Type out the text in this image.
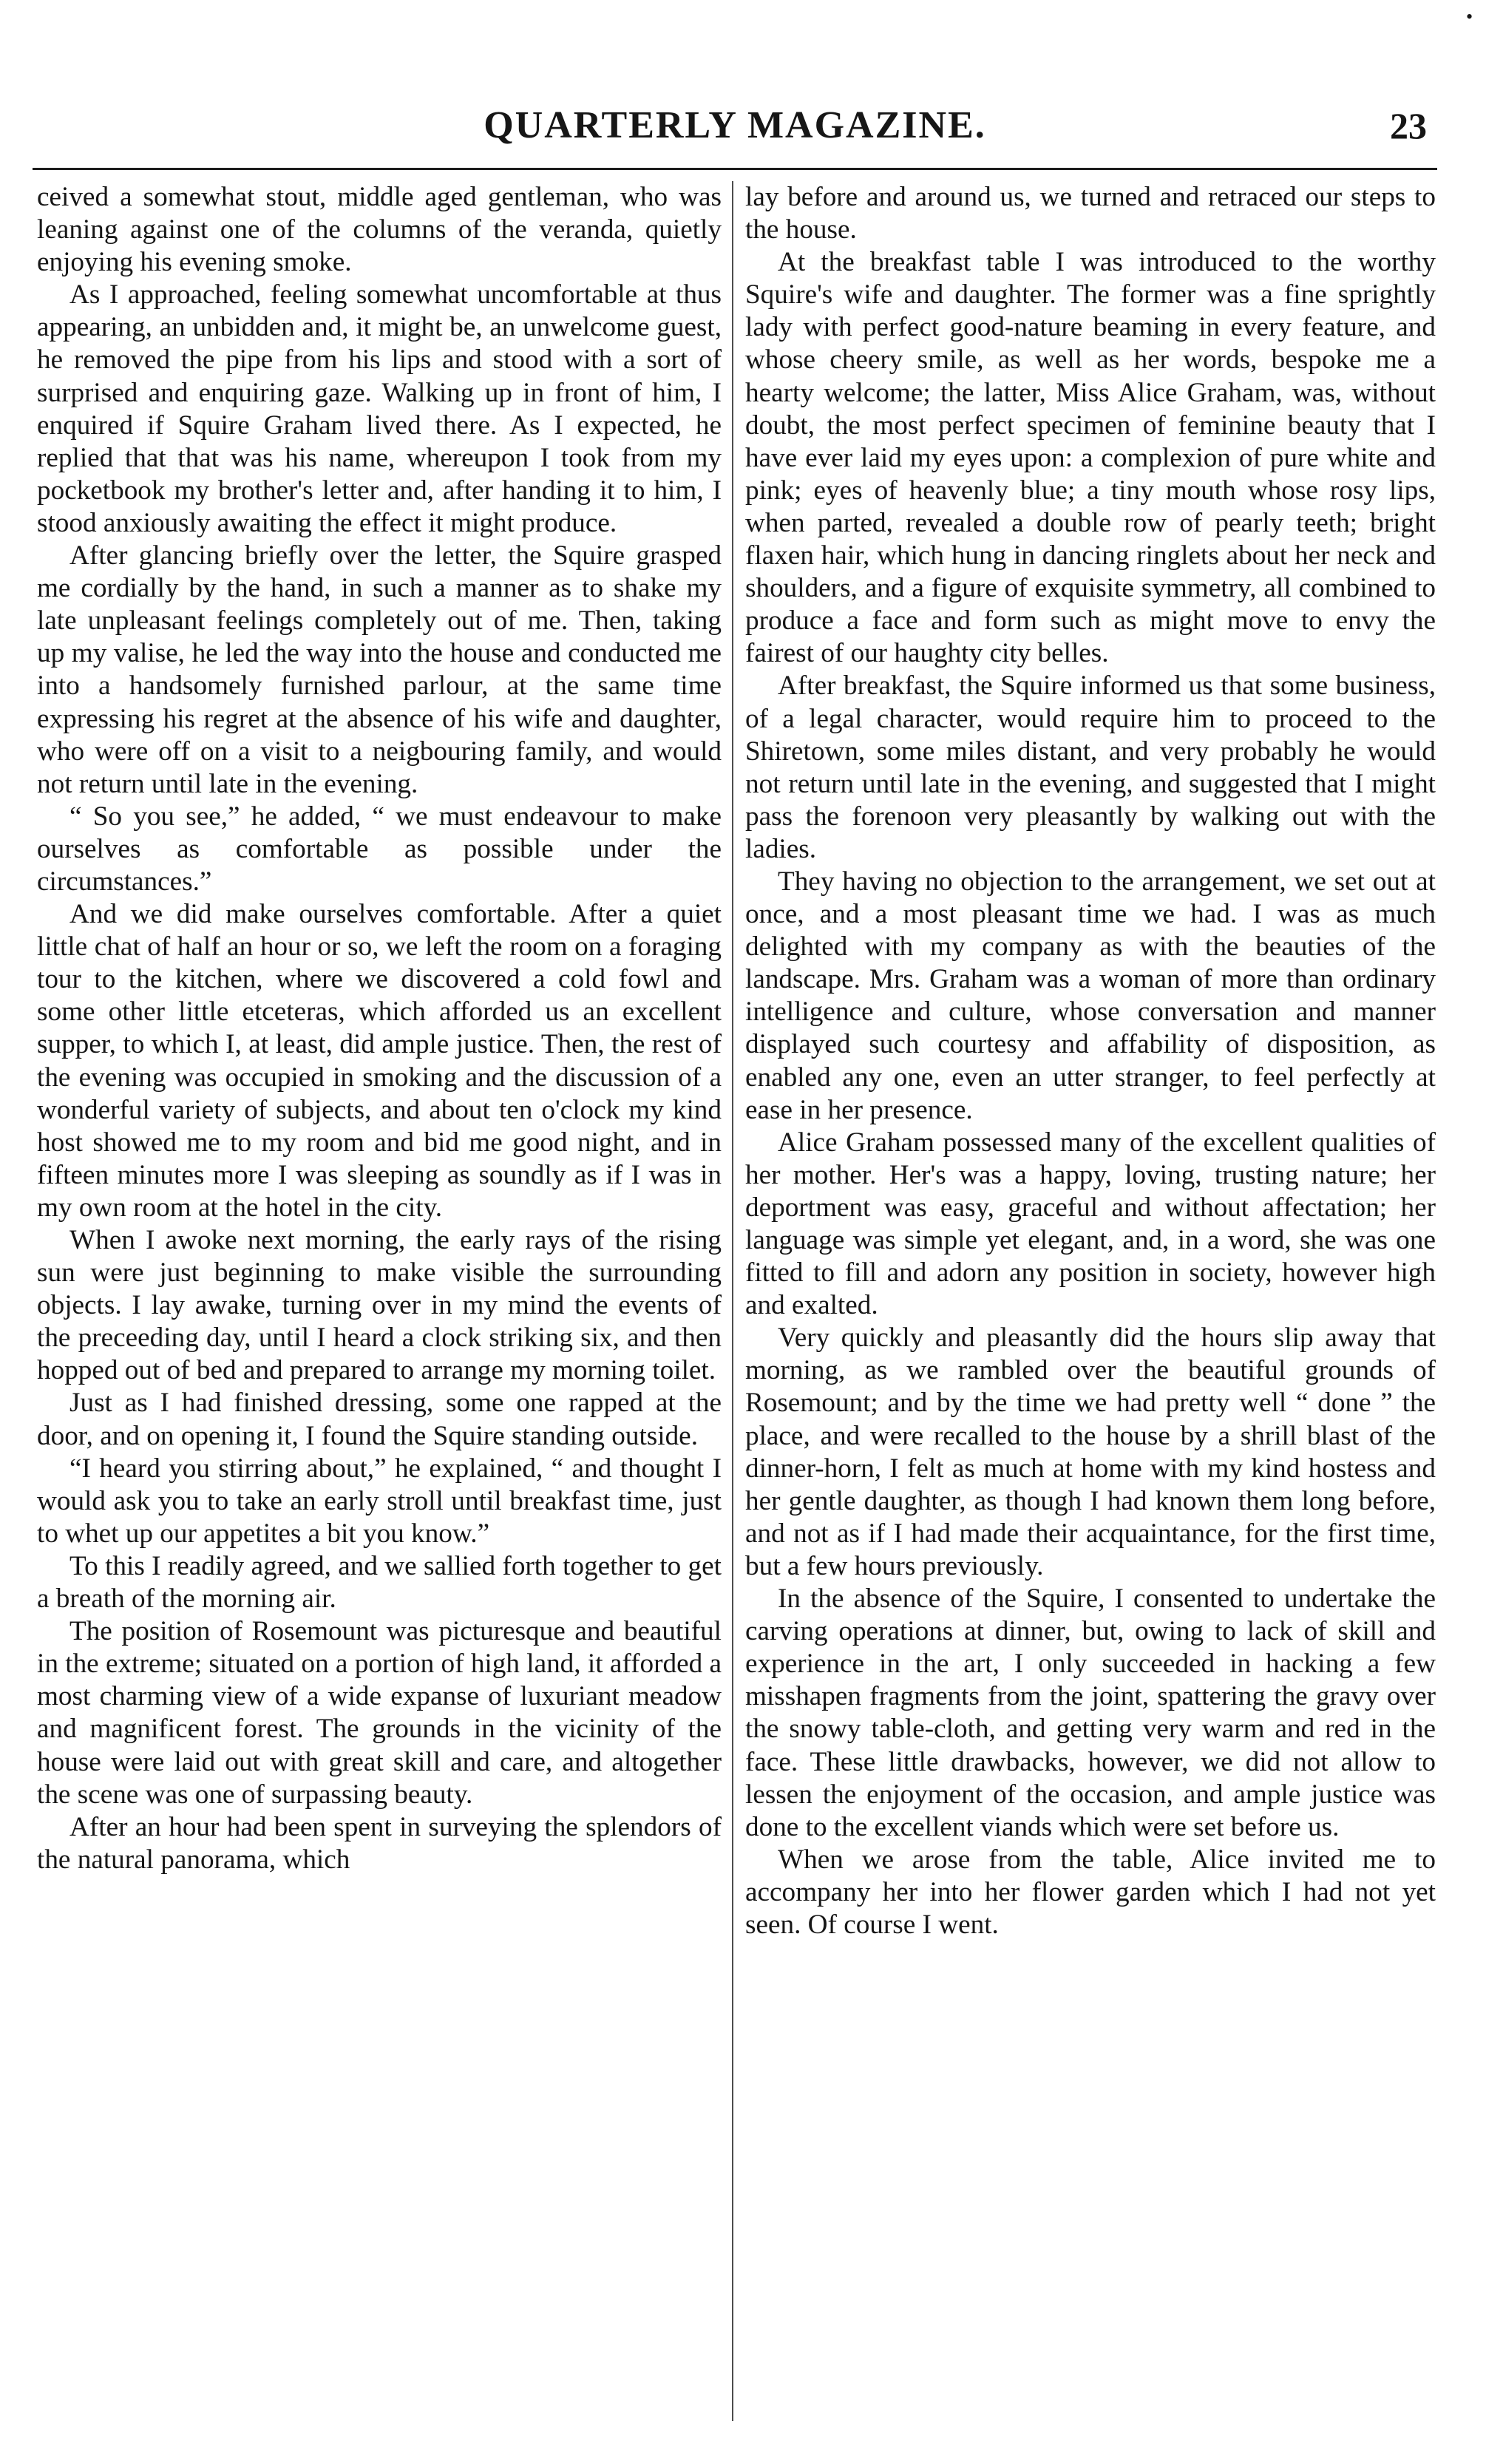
•
QUARTERLY MAGAZINE.	23

ceived a somewhat stout, middle aged gentleman, who was leaning against one of the columns of the veranda, quietly enjoying his evening smoke.

As I approached, feeling somewhat uncomfortable at thus appearing, an unbidden and, it might be, an unwelcome guest, he removed the pipe from his lips and stood with a sort of surprised and enquiring gaze. Walking up in front of him, I enquired if Squire Graham lived there. As I expected, he replied that that was his name, whereupon I took from my pocketbook my brother's letter and, after handing it to him, I stood anxiously awaiting the effect it might produce.

After glancing briefly over the letter, the Squire grasped me cordially by the hand, in such a manner as to shake my late unpleasant feelings completely out of me. Then, taking up my valise, he led the way into the house and conducted me into a handsomely furnished parlour, at the same time expressing his regret at the absence of his wife and daughter, who were off on a visit to a neigbouring family, and would not return until late in the evening.

“ So you see,” he added, “ we must endeavour to make ourselves as comfortable as possible under the circumstances.”

And we did make ourselves comfortable. After a quiet little chat of half an hour or so, we left the room on a foraging tour to the kitchen, where we discovered a cold fowl and some other little etceteras, which afforded us an excellent supper, to which I, at least, did ample justice. Then, the rest of the evening was occupied in smoking and the discussion of a wonderful variety of subjects, and about ten o'clock my kind host showed me to my room and bid me good night, and in fifteen minutes more I was sleeping as soundly as if I was in my own room at the hotel in the city.

When I awoke next morning, the early rays of the rising sun were just beginning to make visible the surrounding objects. I lay awake, turning over in my mind the events of the preceeding day, until I heard a clock striking six, and then hopped out of bed and prepared to arrange my morning toilet.

Just as I had finished dressing, some one rapped at the door, and on opening it, I found the Squire standing outside.

“I heard you stirring about,” he explained, “ and thought I would ask you to take an early stroll until breakfast time, just to whet up our appetites a bit you know.”

To this I readily agreed, and we sallied forth together to get a breath of the morning air.

The position of Rosemount was picturesque and beautiful in the extreme; situated on a portion of high land, it afforded a most charming view of a wide expanse of luxuriant meadow and magnificent forest. The grounds in the vicinity of the house were laid out with great skill and care, and altogether the scene was one of surpassing beauty.

After an hour had been spent in surveying the splendors of the natural panorama, which

lay before and around us, we turned and retraced our steps to the house.

At the breakfast table I was introduced to the worthy Squire's wife and daughter. The former was a fine sprightly lady with perfect good-nature beaming in every feature, and whose cheery smile, as well as her words, bespoke me a hearty welcome; the latter, Miss Alice Graham, was, without doubt, the most perfect specimen of feminine beauty that I have ever laid my eyes upon: a complexion of pure white and pink; eyes of heavenly blue; a tiny mouth whose rosy lips, when parted, revealed a double row of pearly teeth; bright flaxen hair, which hung in dancing ringlets about her neck and shoulders, and a figure of exquisite symmetry, all combined to produce a face and form such as might move to envy the fairest of our haughty city belles.

After breakfast, the Squire informed us that some business, of a legal character, would require him to proceed to the Shiretown, some miles distant, and very probably he would not return until late in the evening, and suggested that I might pass the forenoon very pleasantly by walking out with the ladies.

They having no objection to the arrangement, we set out at once, and a most pleasant time we had. I was as much delighted with my company as with the beauties of the landscape. Mrs. Graham was a woman of more than ordinary intelligence and culture, whose conversation and manner displayed such courtesy and affability of disposition, as enabled any one, even an utter stranger, to feel perfectly at ease in her presence.

Alice Graham possessed many of the excellent qualities of her mother. Her's was a happy, loving, trusting nature; her deportment was easy, graceful and without affectation; her language was simple yet elegant, and, in a word, she was one fitted to fill and adorn any position in society, however high and exalted.

Very quickly and pleasantly did the hours slip away that morning, as we rambled over the beautiful grounds of Rosemount; and by the time we had pretty well “ done ” the place, and were recalled to the house by a shrill blast of the dinner-horn, I felt as much at home with my kind hostess and her gentle daughter, as though I had known them long before, and not as if I had made their acquaintance, for the first time, but a few hours previously.

In the absence of the Squire, I consented to undertake the carving operations at dinner, but, owing to lack of skill and experience in the art, I only succeeded in hacking a few misshapen fragments from the joint, spattering the gravy over the snowy table-cloth, and getting very warm and red in the face. These little drawbacks, however, we did not allow to lessen the enjoyment of the occasion, and ample justice was done to the excellent viands which were set before us.

When we arose from the table, Alice invited me to accompany her into her flower garden which I had not yet seen. Of course I went.
